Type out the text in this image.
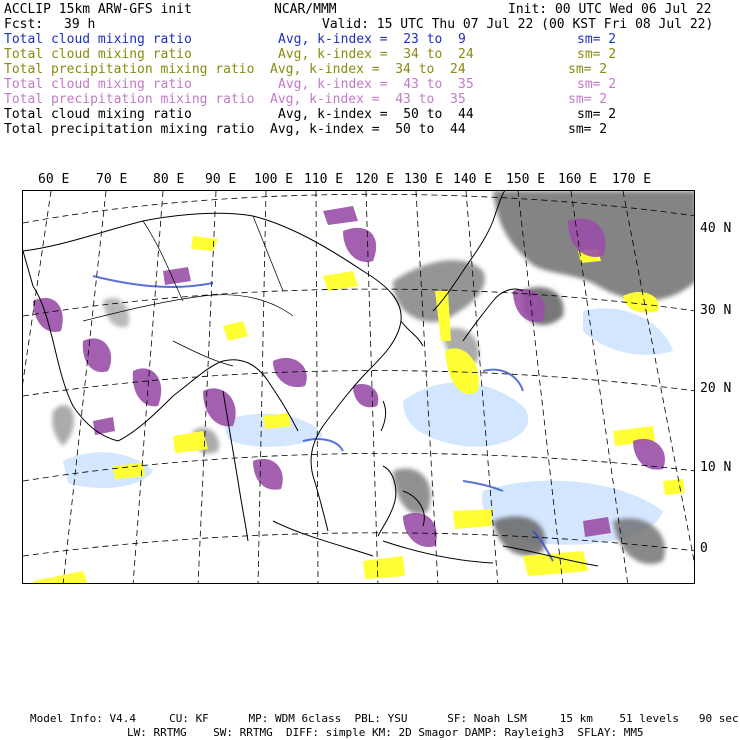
ACCLIP 15km ARW-GFS init	NCAR/MMM	Init: 00 UTC Wed 06 Jul 22
Fcst: 39 h	Valid: 15 UTC Thu 07 Jul 22 (00 KST Fri 08 Jul 22)
Total cloud mixing ratio	Avg, k-index =  23 to  9	sm= 2
Total cloud mixing ratio	Avg, k-index =  34 to  24	sm= 2
Total precipitation mixing ratio Avg, k-index =  34 to  24	sm= 2
Total cloud mixing ratio	Avg, k-index =  43 to  35	sm= 2
Total precipitation mixing ratio Avg, k-index =  43 to  35	sm= 2
Total cloud mixing ratio	Avg, k-index =  50 to  44	sm= 2
Total precipitation mixing ratio Avg, k-index =  50 to  44	sm= 2
60 E 70 E 80 E 90 E 100 E 110 E 120 E 130 E 140 E 150 E 160 E 170 E
40 N
30 N
20 N
10 N
0
Model Info: V4.4     CU: KF      MP: WDM 6class  PBL: YSU      SF: Noah LSM     15 km    51 levels   90 sec
LW: RRTMG    SW: RRTMG  DIFF: simple KM: 2D Smagor DAMP: Rayleigh3  SFLAY: MM5
